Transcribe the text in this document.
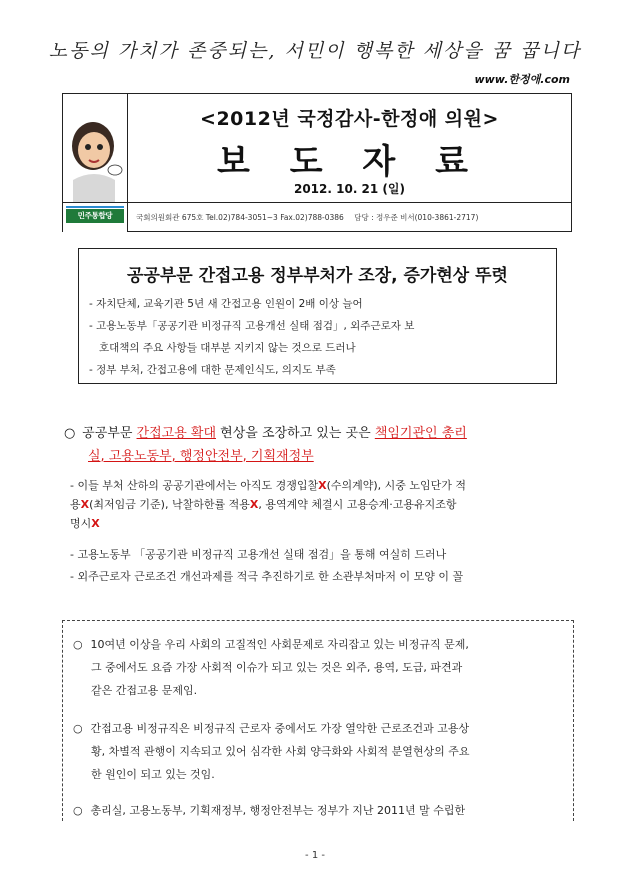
노동의 가치가 존중되는, 서민이 행복한 세상을 꿈 꿉니다
www.한정애.com
민주통합당
<2012년 국정감사-한정애 의원>
보 도 자 료
2012. 10. 21 (일)
국회의원회관 675호 Tel.02)784-3051~3 Fax.02)788-0386 담당 : 정우준 비서(010-3861-2717)
공공부문 간접고용 정부부처가 조장, 증가현상 뚜렷
- 자치단체, 교육기관 5년 새 간접고용 인원이 2배 이상 늘어
- 고용노동부「공공기관 비정규직 고용개선 실태 점검」, 외주근로자 보
호대책의 주요 사항들 대부분 지키지 않는 것으로 드러나
- 정부 부처, 간접고용에 대한 문제인식도, 의지도 부족
○ 공공부문 간접고용 확대 현상을 조장하고 있는 곳은 책임기관인 총리
실, 고용노동부, 행정안전부, 기획재정부
- 이들 부처 산하의 공공기관에서는 아직도 경쟁입찰X(수의계약), 시중 노임단가 적
용X(최저임금 기준), 낙찰하한률 적용X, 용역계약 체결시 고용승계·고용유지조항
명시X
- 고용노동부 「공공기관 비정규직 고용개선 실태 점검」을 통해 여실히 드러나
- 외주근로자 근로조건 개선과제를 적극 추진하기로 한 소관부처마저 이 모양 이 꼴
○ 10여년 이상을 우리 사회의 고질적인 사회문제로 자리잡고 있는 비정규직 문제,
그 중에서도 요즘 가장 사회적 이슈가 되고 있는 것은 외주, 용역, 도급, 파견과
같은 간접고용 문제임.
○ 간접고용 비정규직은 비정규직 근로자 중에서도 가장 열악한 근로조건과 고용상
황, 차별적 관행이 지속되고 있어 심각한 사회 양극화와 사회적 분열현상의 주요
한 원인이 되고 있는 것임.
○ 총리실, 고용노동부, 기획재정부, 행정안전부는 정부가 지난 2011년 말 수립한
- 1 -
